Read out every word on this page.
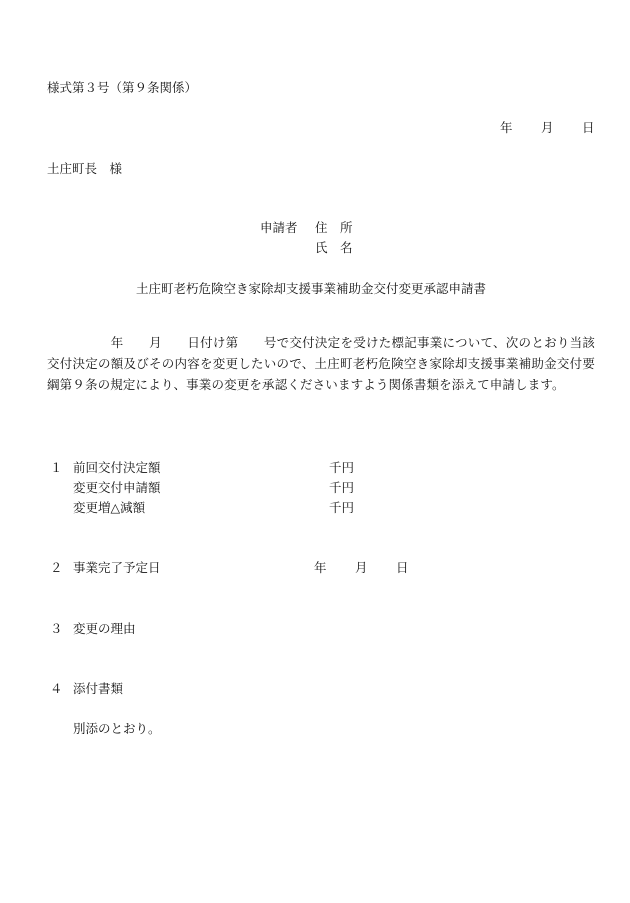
様式第３号（第９条関係）
年 月 日
土庄町長　様
申請者 住　所
氏　名
土庄町老朽危険空き家除却支援事業補助金交付変更承認申請書

　　　　　年　　月　　日付け第　　号で交付決定を受けた標記事業について、次のとおり当該交付決定の額及びその内容を変更したいので、土庄町老朽危険空き家除却支援事業補助金交付要綱第９条の規定により、事業の変更を承認くださいますよう関係書類を添えて申請します。

１ 前回交付決定額	千円
変更交付申請額	千円
変更増△減額	千円
２ 事業完了予定日	年 月 日
３ 変更の理由
４ 添付書類
別添のとおり。
